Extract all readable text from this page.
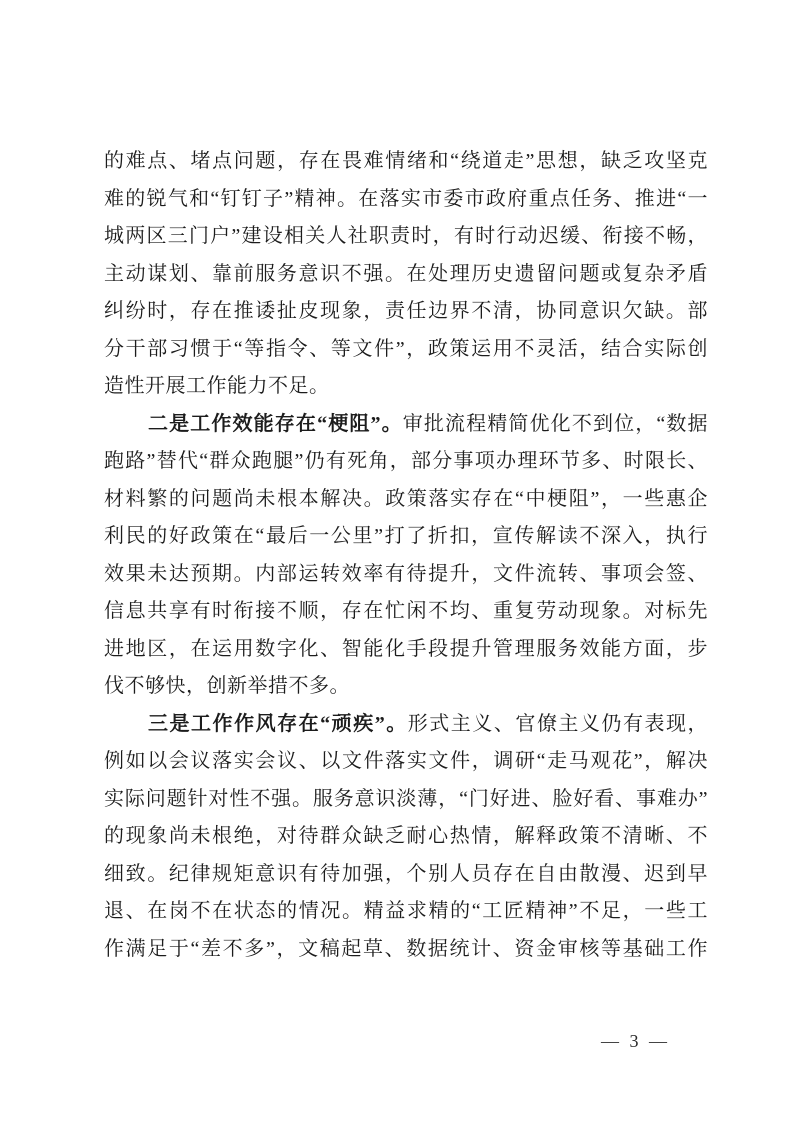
的难点、堵点问题，存在畏难情绪和“绕道走”思想，缺乏攻坚克
难的锐气和“钉钉子”精神。在落实市委市政府重点任务、推进“一
城两区三门户”建设相关人社职责时，有时行动迟缓、衔接不畅，
主动谋划、靠前服务意识不强。在处理历史遗留问题或复杂矛盾
纠纷时，存在推诿扯皮现象，责任边界不清，协同意识欠缺。部
分干部习惯于“等指令、等文件”，政策运用不灵活，结合实际创
造性开展工作能力不足。
二是工作效能存在“梗阻”。审批流程精简优化不到位，“数据
跑路”替代“群众跑腿”仍有死角，部分事项办理环节多、时限长、
材料繁的问题尚未根本解决。政策落实存在“中梗阻”，一些惠企
利民的好政策在“最后一公里”打了折扣，宣传解读不深入，执行
效果未达预期。内部运转效率有待提升，文件流转、事项会签、
信息共享有时衔接不顺，存在忙闲不均、重复劳动现象。对标先
进地区，在运用数字化、智能化手段提升管理服务效能方面，步
伐不够快，创新举措不多。
三是工作作风存在“顽疾”。形式主义、官僚主义仍有表现，
例如以会议落实会议、以文件落实文件，调研“走马观花”，解决
实际问题针对性不强。服务意识淡薄，“门好进、脸好看、事难办”
的现象尚未根绝，对待群众缺乏耐心热情，解释政策不清晰、不
细致。纪律规矩意识有待加强，个别人员存在自由散漫、迟到早
退、在岗不在状态的情况。精益求精的“工匠精神”不足，一些工
作满足于“差不多”，文稿起草、数据统计、资金审核等基础工作
— 3 —
